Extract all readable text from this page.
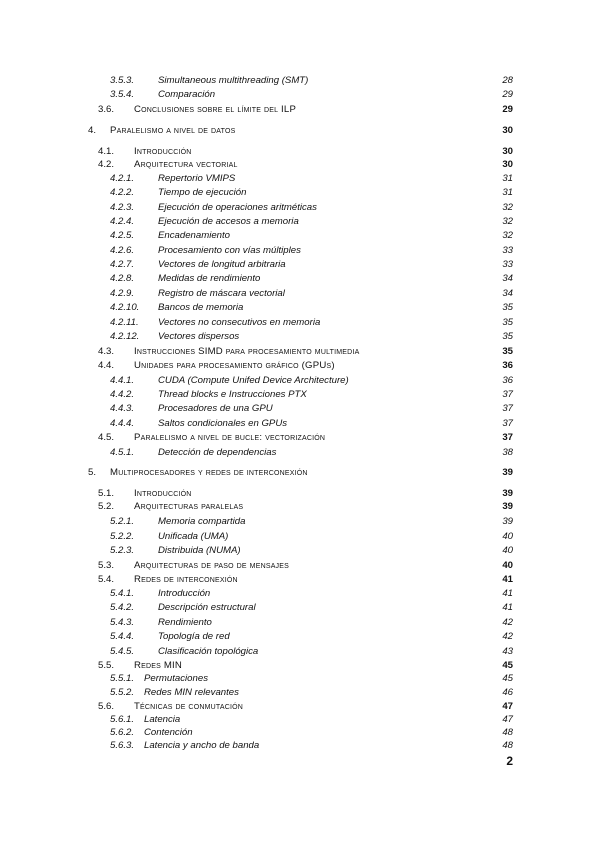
3.5.3. Simultaneous multithreading (SMT)	28
3.5.4. Comparación	29
3.6. Conclusiones sobre el límite del ILP	29
4. Paralelismo a nivel de datos	30
4.1. Introducción	30
4.2. Arquitectura vectorial	30
4.2.1. Repertorio VMIPS	31
4.2.2. Tiempo de ejecución	31
4.2.3. Ejecución de operaciones aritméticas	32
4.2.4. Ejecución de accesos a memoria	32
4.2.5. Encadenamiento	32
4.2.6. Procesamiento con vías múltiples	33
4.2.7. Vectores de longitud arbitraria	33
4.2.8. Medidas de rendimiento	34
4.2.9. Registro de máscara vectorial	34
4.2.10. Bancos de memoria	35
4.2.11. Vectores no consecutivos en memoria	35
4.2.12. Vectores dispersos	35
4.3. Instrucciones SIMD para procesamiento multimedia	35
4.4. Unidades para procesamiento gráfico (GPUs)	36
4.4.1. CUDA (Compute Unifed Device Architecture)	36
4.4.2. Thread blocks e Instrucciones PTX	37
4.4.3. Procesadores de una GPU	37
4.4.4. Saltos condicionales en GPUs	37
4.5. Paralelismo a nivel de bucle: vectorización	37
4.5.1. Detección de dependencias	38
5. Multiprocesadores y redes de interconexión	39
5.1. Introducción	39
5.2. Arquitecturas paralelas	39
5.2.1. Memoria compartida	39
5.2.2. Unificada (UMA)	40
5.2.3. Distribuida (NUMA)	40
5.3. Arquitecturas de paso de mensajes	40
5.4. Redes de interconexión	41
5.4.1. Introducción	41
5.4.2. Descripción estructural	41
5.4.3. Rendimiento	42
5.4.4. Topología de red	42
5.4.5. Clasificación topológica	43
5.5. Redes MIN	45
5.5.1. Permutaciones	45
5.5.2. Redes MIN relevantes	46
5.6. Técnicas de conmutación	47
5.6.1. Latencia	47
5.6.2. Contención	48
5.6.3. Latencia y ancho de banda	48
2
